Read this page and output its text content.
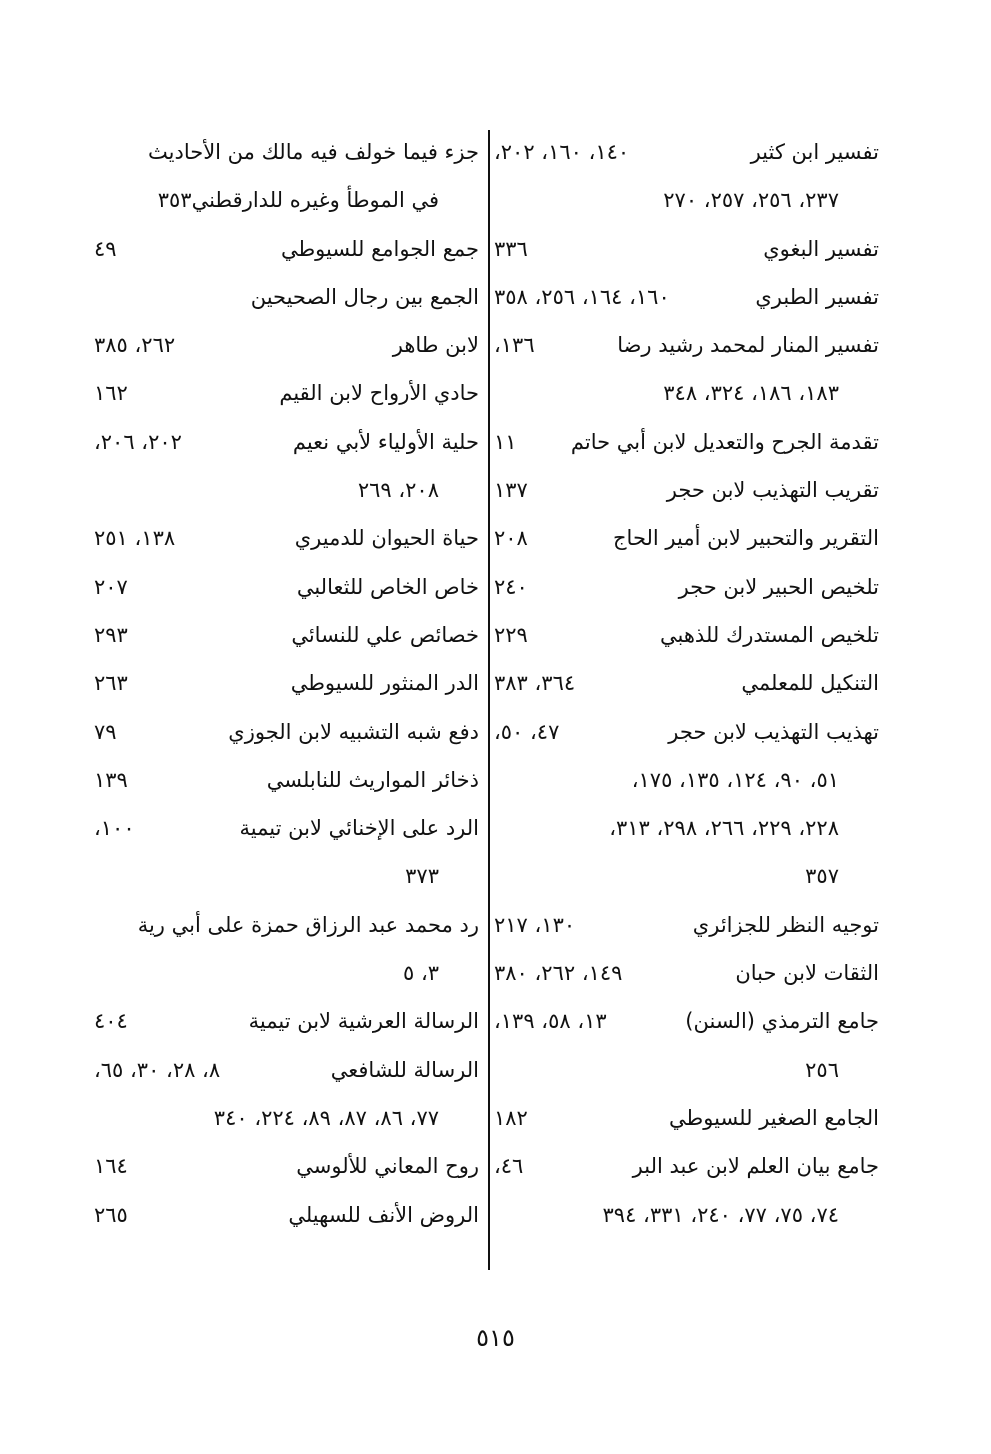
تفسير ابن كثير
١٤٠، ١٦٠، ٢٠٢،
٢٣٧، ٢٥٦، ٢٥٧، ٢٧٠
تفسير البغوي
٣٣٦
تفسير الطبري
١٦٠، ١٦٤، ٢٥٦، ٣٥٨
تفسير المنار لمحمد رشيد رضا
١٣٦،
١٨٣، ١٨٦، ٣٢٤، ٣٤٨
تقدمة الجرح والتعديل لابن أبي حاتم
١١
تقريب التهذيب لابن حجر
١٣٧
التقرير والتحبير لابن أمير الحاج
٢٠٨
تلخيص الحبير لابن حجر
٢٤٠
تلخيص المستدرك للذهبي
٢٢٩
التنكيل للمعلمي
٣٦٤، ٣٨٣
تهذيب التهذيب لابن حجر
٤٧، ٥٠،
٥١، ٩٠، ١٢٤، ١٣٥، ١٧٥،
٢٢٨، ٢٢٩، ٢٦٦، ٢٩٨، ٣١٣،
٣٥٧
توجيه النظر للجزائري
١٣٠، ٢١٧
الثقات لابن حبان
١٤٩، ٢٦٢، ٣٨٠
جامع الترمذي (السنن)
١٣، ٥٨، ١٣٩،
٢٥٦
الجامع الصغير للسيوطي
١٨٢
جامع بيان العلم لابن عبد البر
٤٦،
٧٤، ٧٥، ٧٧، ٢٤٠، ٣٣١، ٣٩٤
جزء فيما خولف فيه مالك من الأحاديث
في الموطأ وغيره للدارقطني٣٥٣
جمع الجوامع للسيوطي
٤٩
الجمع بين رجال الصحيحين
لابن طاهر
٢٦٢، ٣٨٥
حادي الأرواح لابن القيم
١٦٢
حلية الأولياء لأبي نعيم
٢٠٢، ٢٠٦،
٢٠٨، ٢٦٩
حياة الحيوان للدميري
١٣٨، ٢٥١
خاص الخاص للثعالبي
٢٠٧
خصائص علي للنسائي
٢٩٣
الدر المنثور للسيوطي
٢٦٣
دفع شبه التشبيه لابن الجوزي
٧٩
ذخائر المواريث للنابلسي
١٣٩
الرد على الإخنائي لابن تيمية
١٠٠،
٣٧٣
رد محمد عبد الرزاق حمزة على أبي رية
٣، ٥
الرسالة العرشية لابن تيمية
٤٠٤
الرسالة للشافعي
٨، ٢٨، ٣٠، ٦٥،
٧٧، ٨٦، ٨٧، ٨٩، ٢٢٤، ٣٤٠
روح المعاني للألوسي
١٦٤
الروض الأنف للسهيلي
٢٦٥
٥١٥
